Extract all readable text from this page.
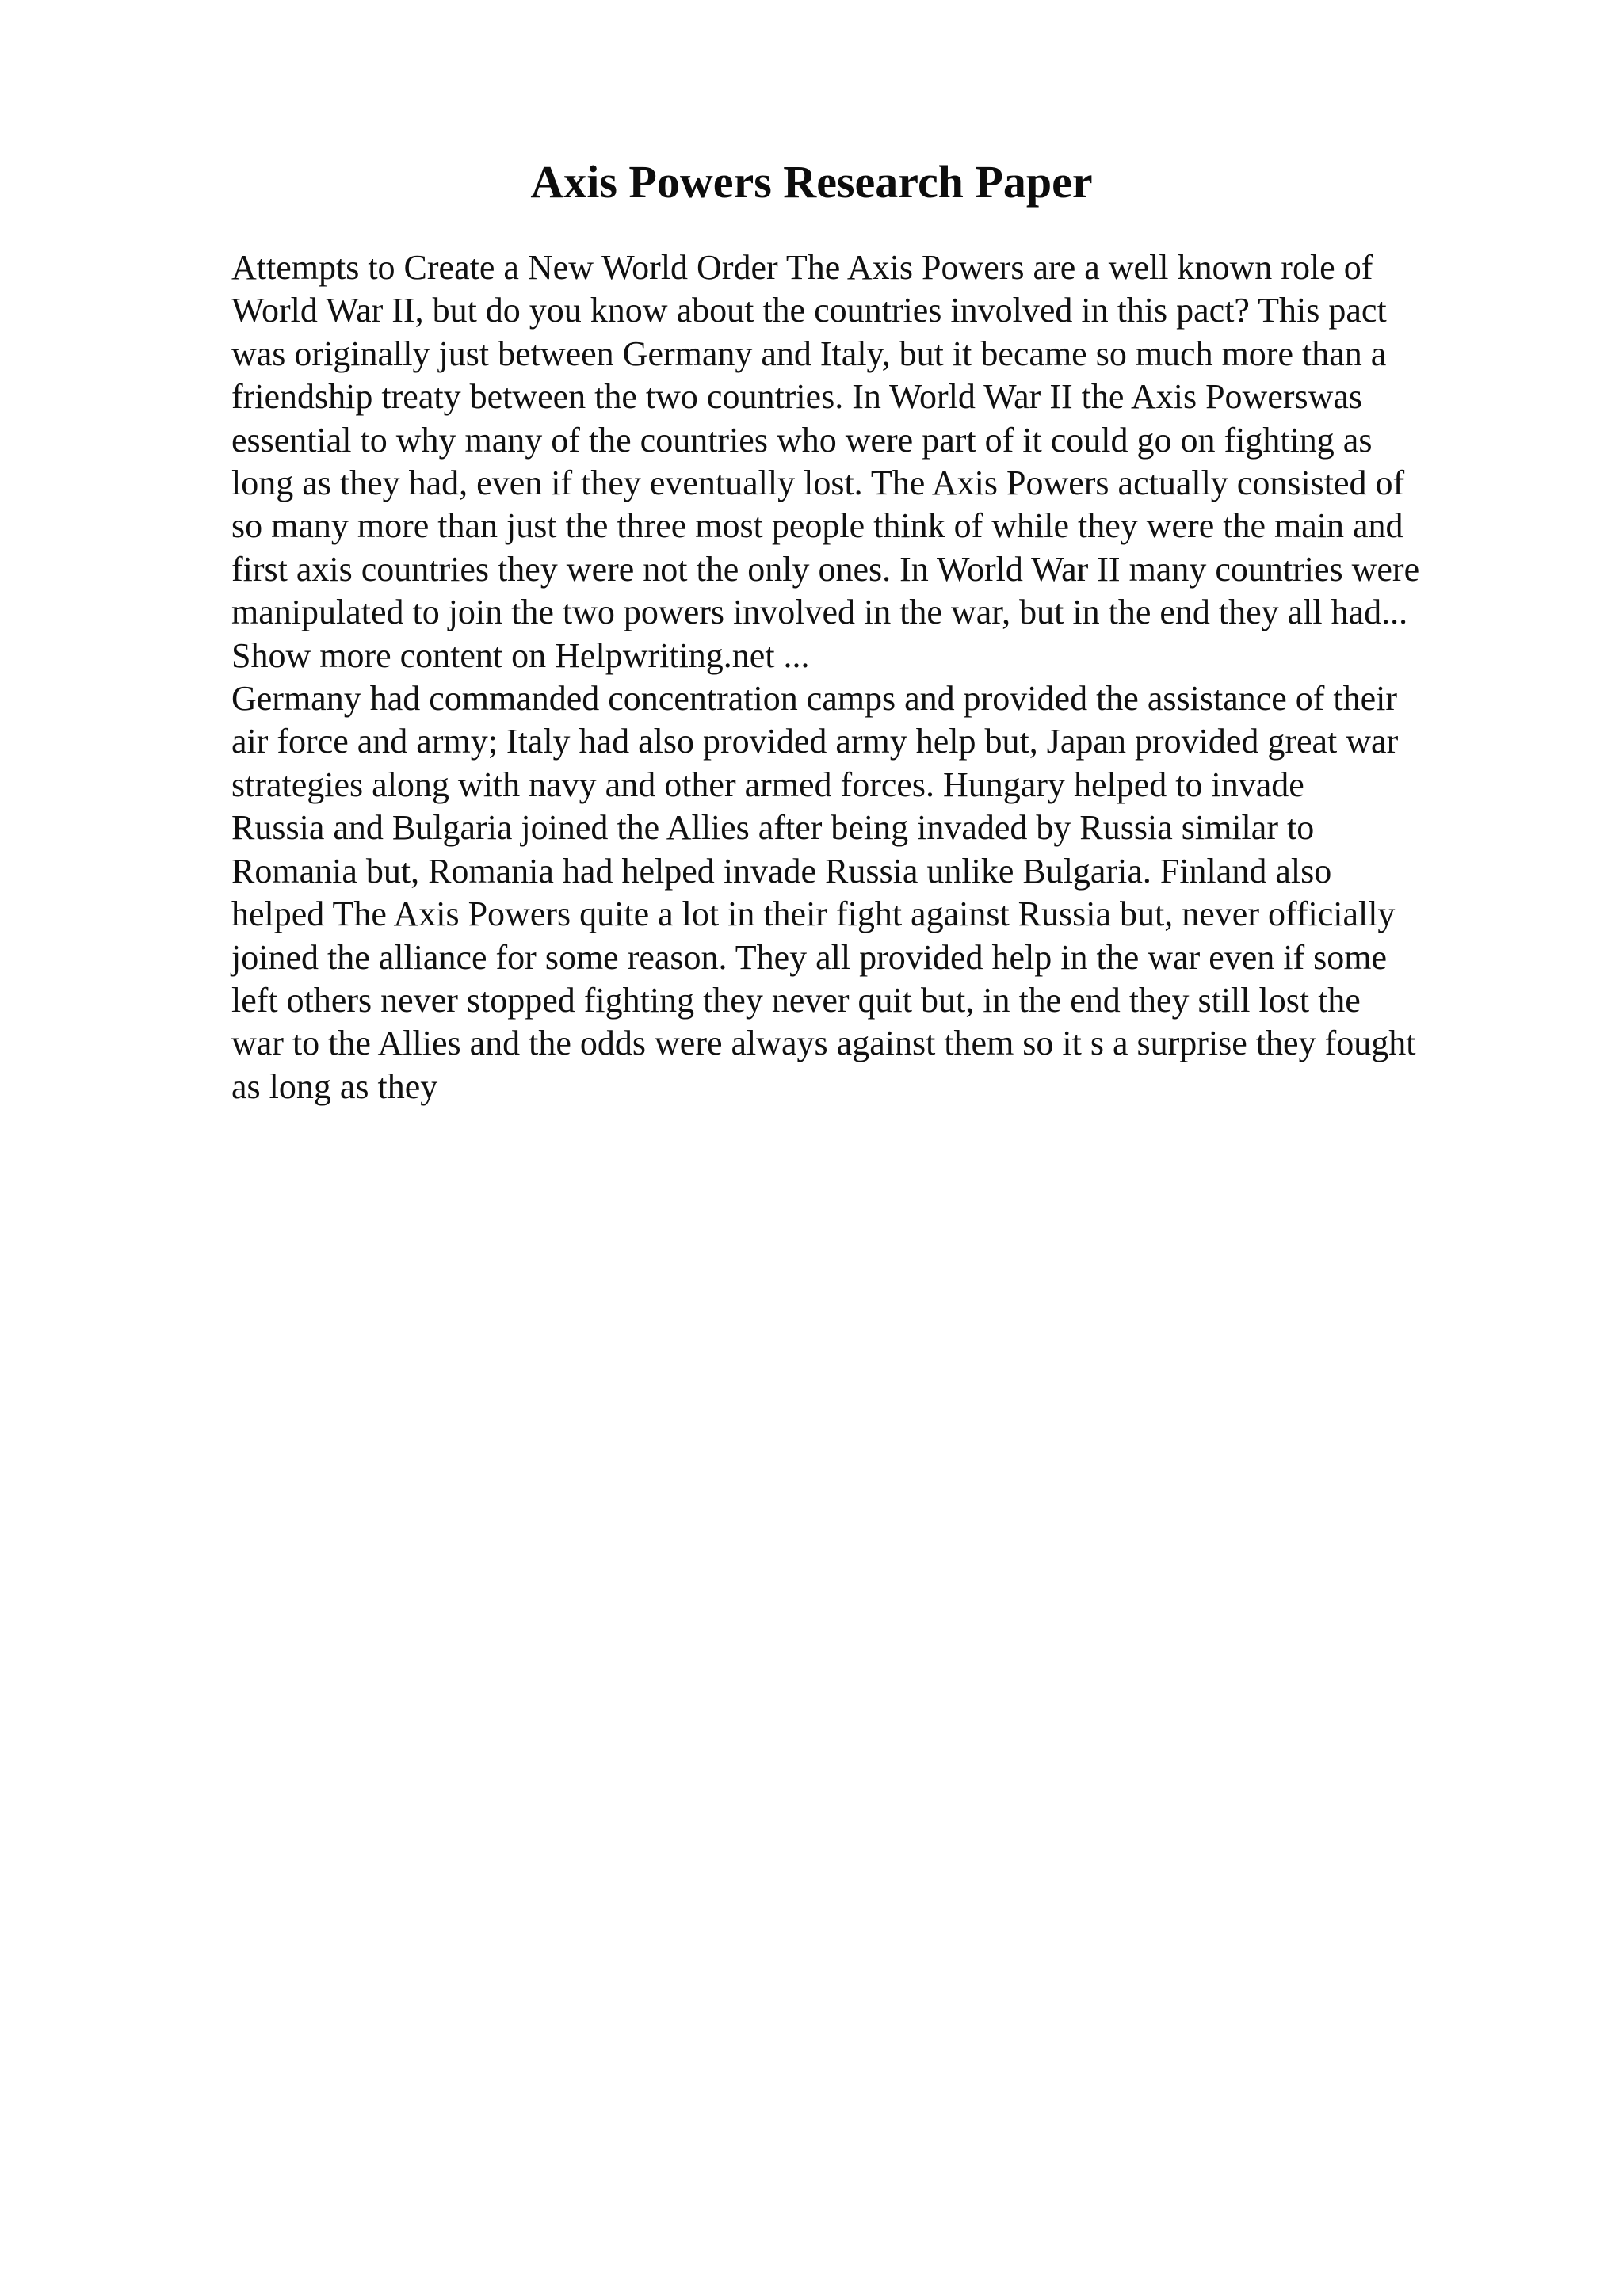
Axis Powers Research Paper
Attempts to Create a New World Order The Axis Powers are a well known role of
World War II, but do you know about the countries involved in this pact? This pact
was originally just between Germany and Italy, but it became so much more than a
friendship treaty between the two countries. In World War II the Axis Powerswas
essential to why many of the countries who were part of it could go on fighting as
long as they had, even if they eventually lost. The Axis Powers actually consisted of
so many more than just the three most people think of while they were the main and
first axis countries they were not the only ones. In World War II many countries were
manipulated to join the two powers involved in the war, but in the end they all had...
Show more content on Helpwriting.net ...
Germany had commanded concentration camps and provided the assistance of their
air force and army; Italy had also provided army help but, Japan provided great war
strategies along with navy and other armed forces. Hungary helped to invade
Russia and Bulgaria joined the Allies after being invaded by Russia similar to
Romania but, Romania had helped invade Russia unlike Bulgaria. Finland also
helped The Axis Powers quite a lot in their fight against Russia but, never officially
joined the alliance for some reason. They all provided help in the war even if some
left others never stopped fighting they never quit but, in the end they still lost the
war to the Allies and the odds were always against them so it s a surprise they fought
as long as they
